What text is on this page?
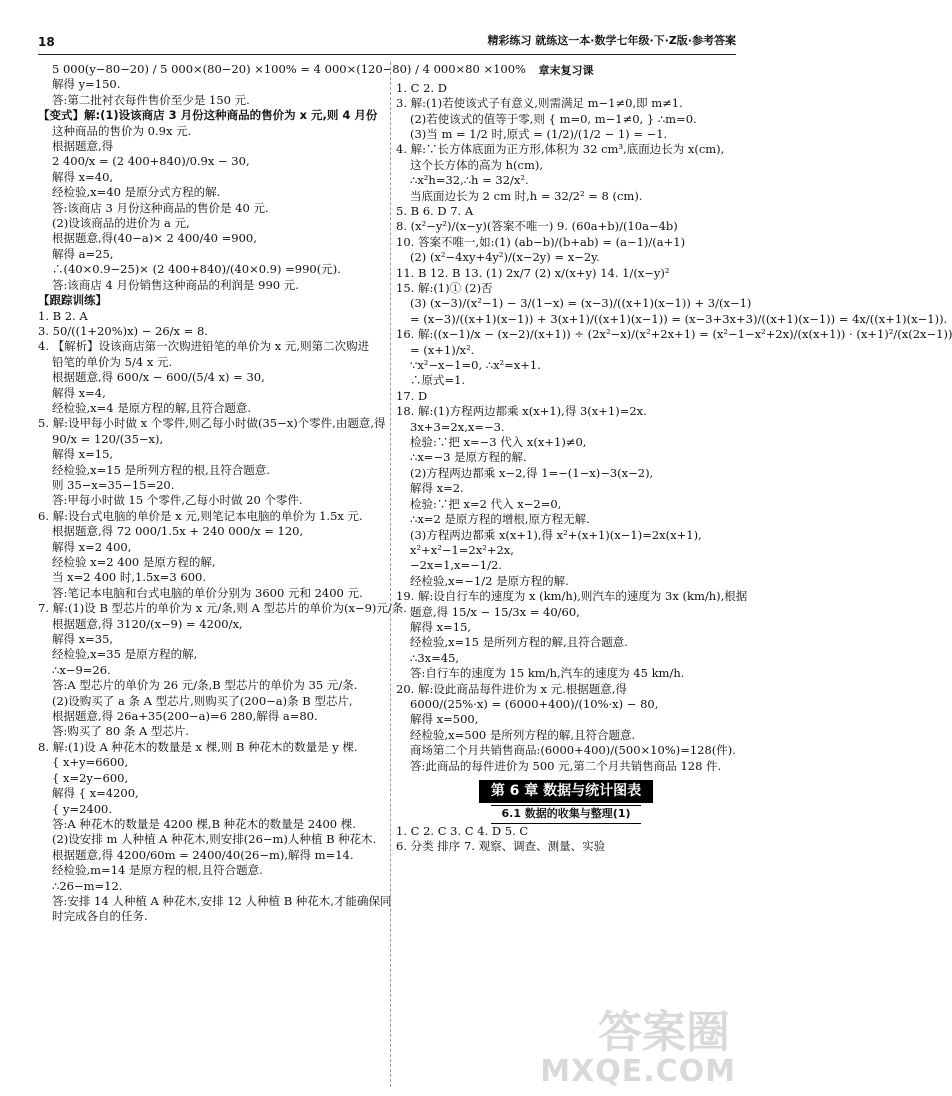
18	精彩练习 就练这一本·数学七年级·下·Z版·参考答案
5 000(y−80−20) / 5 000×(80−20) ×100% = 4 000×(120−80) / 4 000×80 ×100%
解得 y=150.
答:第二批衬衣每件售价至少是 150 元.
【变式】解:(1)设该商店 3 月份这种商品的售价为 x 元,则 4 月份
这种商品的售价为 0.9x 元.
根据题意,得
2 400/x = (2 400+840)/0.9x − 30,
解得 x=40,
经检验,x=40 是原分式方程的解.
答:该商店 3 月份这种商品的售价是 40 元.
(2)设该商品的进价为 a 元,
根据题意,得(40−a)× 2 400/40 =900,
解得 a=25,
∴(40×0.9−25)× (2 400+840)/(40×0.9) =990(元).
答:该商店 4 月份销售这种商品的利润是 990 元.
【跟踪训练】
1. B 2. A
3. 50/((1+20%)x) − 26/x = 8.
4. 【解析】设该商店第一次购进铅笔的单价为 x 元,则第二次购进
铅笔的单价为 5/4 x 元.
根据题意,得 600/x − 600/(5/4 x) = 30,
解得 x=4,
经检验,x=4 是原方程的解,且符合题意.
5. 解:设甲每小时做 x 个零件,则乙每小时做(35−x)个零件,由题意,得
90/x = 120/(35−x),
解得 x=15,
经检验,x=15 是所列方程的根,且符合题意.
则 35−x=35−15=20.
答:甲每小时做 15 个零件,乙每小时做 20 个零件.
6. 解:设台式电脑的单价是 x 元,则笔记本电脑的单价为 1.5x 元.
根据题意,得 72 000/1.5x + 240 000/x = 120,
解得 x=2 400,
经检验 x=2 400 是原方程的解,
当 x=2 400 时,1.5x=3 600.
答:笔记本电脑和台式电脑的单价分别为 3600 元和 2400 元.
7. 解:(1)设 B 型芯片的单价为 x 元/条,则 A 型芯片的单价为(x−9)元/条.
根据题意,得 3120/(x−9) = 4200/x,
解得 x=35,
经检验,x=35 是原方程的解,
∴x−9=26.
答:A 型芯片的单价为 26 元/条,B 型芯片的单价为 35 元/条.
(2)设购买了 a 条 A 型芯片,则购买了(200−a)条 B 型芯片,
根据题意,得 26a+35(200−a)=6 280,解得 a=80.
答:购买了 80 条 A 型芯片.
8. 解:(1)设 A 种花木的数量是 x 棵,则 B 种花木的数量是 y 棵.
{ x+y=6600,
{ x=2y−600,
解得 { x=4200,
{ y=2400.
答:A 种花木的数量是 4200 棵,B 种花木的数量是 2400 棵.
(2)设安排 m 人种植 A 种花木,则安排(26−m)人种植 B 种花木.
根据题意,得 4200/60m = 2400/40(26−m),解得 m=14.
经检验,m=14 是原方程的根,且符合题意.
∴26−m=12.
答:安排 14 人种植 A 种花木,安排 12 人种植 B 种花木,才能确保同
时完成各自的任务.
章末复习课
1. C 2. D
3. 解:(1)若使该式子有意义,则需满足 m−1≠0,即 m≠1.
(2)若使该式的值等于零,则 { m=0, m−1≠0, } ∴m=0.
(3)当 m = 1/2 时,原式 = (1/2)/(1/2 − 1) = −1.
4. 解:∵长方体底面为正方形,体积为 32 cm³,底面边长为 x(cm),
这个长方体的高为 h(cm),
∴x²h=32,∴h = 32/x².
当底面边长为 2 cm 时,h = 32/2² = 8 (cm).
5. B 6. D 7. A
8. (x²−y²)/(x−y)(答案不唯一) 9. (60a+b)/(10a−4b)
10. 答案不唯一,如:(1) (ab−b)/(b+ab) = (a−1)/(a+1)
(2) (x²−4xy+4y²)/(x−2y) = x−2y.
11. B 12. B 13. (1) 2x/7 (2) x/(x+y) 14. 1/(x−y)²
15. 解:(1)① (2)否
(3) (x−3)/(x²−1) − 3/(1−x) = (x−3)/((x+1)(x−1)) + 3/(x−1)
= (x−3)/((x+1)(x−1)) + 3(x+1)/((x+1)(x−1)) = (x−3+3x+3)/((x+1)(x−1)) = 4x/((x+1)(x−1)).
16. 解:((x−1)/x − (x−2)/(x+1)) ÷ (2x²−x)/(x²+2x+1) = (x²−1−x²+2x)/(x(x+1)) · (x+1)²/(x(2x−1))
= (x+1)/x².
∵x²−x−1=0, ∴x²=x+1.
∴原式=1.
17. D
18. 解:(1)方程两边都乘 x(x+1),得 3(x+1)=2x.
3x+3=2x,x=−3.
检验:∵把 x=−3 代入 x(x+1)≠0,
∴x=−3 是原方程的解.
(2)方程两边都乘 x−2,得 1=−(1−x)−3(x−2),
解得 x=2.
检验:∵把 x=2 代入 x−2=0,
∴x=2 是原方程的增根,原方程无解.
(3)方程两边都乘 x(x+1),得 x²+(x+1)(x−1)=2x(x+1),
x²+x²−1=2x²+2x,
−2x=1,x=−1/2.
经检验,x=−1/2 是原方程的解.
19. 解:设自行车的速度为 x (km/h),则汽车的速度为 3x (km/h),根据
题意,得 15/x − 15/3x = 40/60,
解得 x=15,
经检验,x=15 是所列方程的解,且符合题意.
∴3x=45,
答:自行车的速度为 15 km/h,汽车的速度为 45 km/h.
20. 解:设此商品每件进价为 x 元.根据题意,得
6000/(25%·x) = (6000+400)/(10%·x) − 80,
解得 x=500,
经检验,x=500 是所列方程的解,且符合题意.
商场第二个月共销售商品:(6000+400)/(500×10%)=128(件).
答:此商品的每件进价为 500 元,第二个月共销售商品 128 件.
第 6 章 数据与统计图表
6.1 数据的收集与整理(1)
1. C 2. C 3. C 4. D 5. C
6. 分类 排序 7. 观察、调查、测量、实验
答案圈
MXQE.COM
